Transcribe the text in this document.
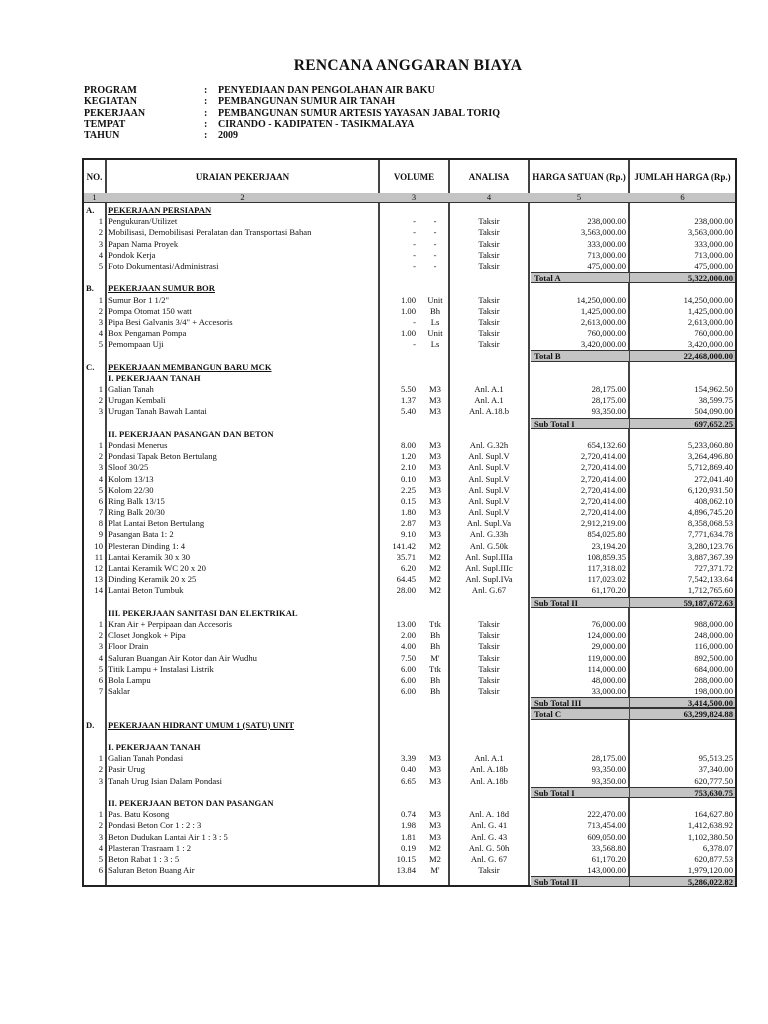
RENCANA ANGGARAN BIAYA
PROGRAM	:	PENYEDIAAN DAN PENGOLAHAN AIR BAKU
KEGIATAN	:	PEMBANGUNAN SUMUR AIR TANAH
PEKERJAAN	:	PEMBANGUNAN SUMUR ARTESIS YAYASAN JABAL TORIQ
TEMPAT	:	CIRANDO - KADIPATEN - TASIKMALAYA
TAHUN	:	2009
NO.	URAIAN PEKERJAAN	VOLUME	ANALISA	HARGA SATUAN (Rp.) JUMLAH HARGA (Rp.)
1	2	3	4	5	6
A. PEKERJAAN PERSIAPAN
1 Pengukuran/Utilizet	-	-	Taksir	238,000.00	238,000.00
2 Mobilisasi, Demobilisasi Peralatan dan Transportasi Bahan	-	-	Taksir	3,563,000.00	3,563,000.00
3 Papan Nama Proyek	-	-	Taksir	333,000.00	333,000.00
4 Pondok Kerja	-	-	Taksir	713,000.00	713,000.00
5 Foto Dokumentasi/Administrasi	-	-	Taksir	475,000.00	475,000.00
Total A	5,322,000.00
B. PEKERJAAN SUMUR BOR
1 Sumur Bor 1 1/2"	1.00	Unit	Taksir	14,250,000.00	14,250,000.00
2 Pompa Otomat 150 watt	1.00	Bh	Taksir	1,425,000.00	1,425,000.00
3 Pipa Besi Galvanis 3/4" + Accesoris	-	Ls	Taksir	2,613,000.00	2,613,000.00
4 Box Pengaman Pompa	1.00	Unit	Taksir	760,000.00	760,000.00
5 Pemompaan Uji	-	Ls	Taksir	3,420,000.00	3,420,000.00
Total B	22,468,000.00
C. PEKERJAAN MEMBANGUN BARU MCK
I. PEKERJAAN TANAH
1 Galian Tanah	5.50	M3	Anl. A.1	28,175.00	154,962.50
2 Urugan Kembali	1.37	M3	Anl. A.1	28,175.00	38,599.75
3 Urugan Tanah Bawah Lantai	5.40	M3	Anl. A.18.b	93,350.00	504,090.00
Sub Total I	697,652.25
II. PEKERJAAN PASANGAN DAN BETON
1 Pondasi Menerus	8.00	M3	Anl. G.32h	654,132.60	5,233,060.80
2 Pondasi Tapak Beton Bertulang	1.20	M3	Anl. Supl.V	2,720,414.00	3,264,496.80
3 Sloof 30/25	2.10	M3	Anl. Supl.V	2,720,414.00	5,712,869.40
4 Kolom 13/13	0.10	M3	Anl. Supl.V	2,720,414.00	272,041.40
5 Kolom 22/30	2.25	M3	Anl. Supl.V	2,720,414.00	6,120,931.50
6 Ring Balk 13/15	0.15	M3	Anl. Supl.V	2,720,414.00	408,062.10
7 Ring Balk 20/30	1.80	M3	Anl. Supl.V	2,720,414.00	4,896,745.20
8 Plat Lantai Beton Bertulang	2.87	M3	Anl. Supl.Va	2,912,219.00	8,358,068.53
9 Pasangan Bata 1: 2	9.10	M3	Anl. G.33h	854,025.80	7,771,634.78
10 Plesteran Dinding 1: 4	141.42	M2	Anl. G.50k	23,194.20	3,280,123.76
11 Lantai Keramik 30 x 30	35.71	M2	Anl. Supl.IIIa	108,859.35	3,887,367.39
12 Lantai Keramik WC 20 x 20	6.20	M2	Anl. Supl.IIIc	117,318.02	727,371.72
13 Dinding Keramik 20 x 25	64.45	M2	Anl. Supl.IVa	117,023.02	7,542,133.64
14 Lantai Beton Tumbuk	28.00	M2	Anl. G.67	61,170.20	1,712,765.60
Sub Total II	59,187,672.63
III. PEKERJAAN SANITASI DAN ELEKTRIKAL
1 Kran Air + Perpipaan dan Accesoris	13.00	Ttk	Taksir	76,000.00	988,000.00
2 Closet Jongkok + Pipa	2.00	Bh	Taksir	124,000.00	248,000.00
3 Floor Drain	4.00	Bh	Taksir	29,000.00	116,000.00
4 Saluran Buangan Air Kotor dan Air Wudhu	7.50	M'	Taksir	119,000.00	892,500.00
5 Titik Lampu + Instalasi Listrik	6.00	Ttk	Taksir	114,000.00	684,000.00
6 Bola Lampu	6.00	Bh	Taksir	48,000.00	288,000.00
7 Saklar	6.00	Bh	Taksir	33,000.00	198,000.00
Sub Total III	3,414,500.00
Total C	63,299,824.88
D. PEKERJAAN HIDRANT UMUM 1 (SATU) UNIT
I. PEKERJAAN TANAH
1 Galian Tanah Pondasi	3.39	M3	Anl. A.1	28,175.00	95,513.25
2 Pasir Urug	0.40	M3	Anl. A.18b	93,350.00	37,340.00
3 Tanah Urug Isian Dalam Pondasi	6.65	M3	Anl. A.18b	93,350.00	620,777.50
Sub Total I	753,630.75
II. PEKERJAAN BETON DAN PASANGAN
1 Pas. Batu Kosong	0.74	M3	Anl. A. 18d	222,470.00	164,627.80
2 Pondasi Beton Cor 1 : 2 : 3	1.98	M3	Anl. G. 41	713,454.00	1,412,638.92
3 Beton Dudukan Lantai Air 1 : 3 : 5	1.81	M3	Anl. G. 43	609,050.00	1,102,380.50
4 Plasteran Trasraam 1 : 2	0.19	M2	Anl. G. 50h	33,568.80	6,378.07
5 Beton Rabat 1 : 3 : 5	10.15	M2	Anl. G. 67	61,170.20	620,877.53
6 Saluran Beton Buang Air	13.84	M'	Taksir	143,000.00	1,979,120.00
Sub Total II	5,286,022.82
